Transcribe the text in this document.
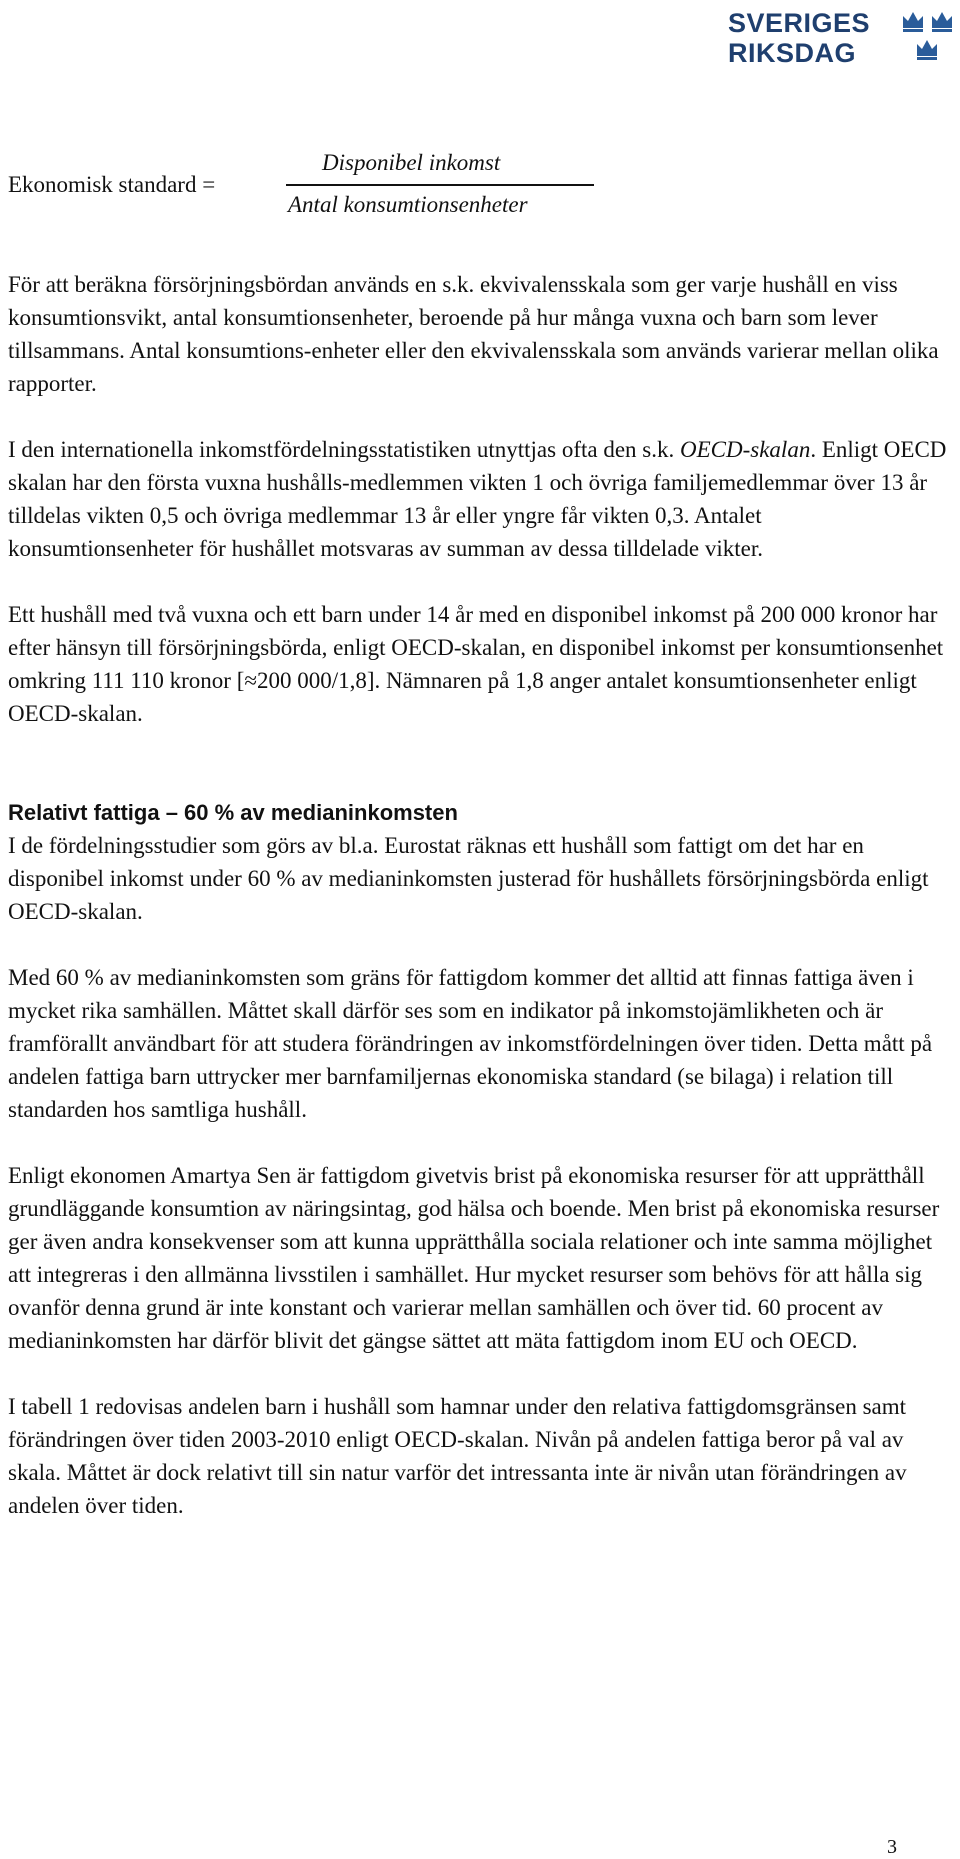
SVERIGES
RIKSDAG
Ekonomisk standard =
Disponibel inkomst
Antal konsumtionsenheter

För att beräkna försörjningsbördan används en s.k. ekvivalensskala som ger varje hushåll en viss konsumtionsvikt, antal konsumtionsenheter, beroende på hur många vuxna och barn som lever tillsammans. Antal konsumtions-enheter eller den ekvivalensskala som används varierar mellan olika rapporter.

I den internationella inkomstfördelningsstatistiken utnyttjas ofta den s.k. OECD-skalan. Enligt OECD skalan har den första vuxna hushålls-medlemmen vikten 1 och övriga familjemedlemmar över 13 år tilldelas vikten 0,5 och övriga medlemmar 13 år eller yngre får vikten 0,3. Antalet konsumtionsenheter för hushållet motsvaras av summan av dessa tilldelade vikter.

Ett hushåll med två vuxna och ett barn under 14 år med en disponibel inkomst på 200 000 kronor har efter hänsyn till försörjningsbörda, enligt OECD-skalan, en disponibel inkomst per konsumtionsenhet omkring 111 110 kronor [≈200 000/1,8]. Nämnaren på 1,8 anger antalet konsumtionsenheter enligt OECD-skalan.

Relativt fattiga – 60 % av medianinkomsten

I de fördelningsstudier som görs av bl.a. Eurostat räknas ett hushåll som fattigt om det har en disponibel inkomst under 60 % av medianinkomsten justerad för hushållets försörjningsbörda enligt OECD-skalan.

Med 60 % av medianinkomsten som gräns för fattigdom kommer det alltid att finnas fattiga även i mycket rika samhällen. Måttet skall därför ses som en indikator på inkomstojämlikheten och är framförallt användbart för att studera förändringen av inkomstfördelningen över tiden. Detta mått på andelen fattiga barn uttrycker mer barnfamiljernas ekonomiska standard (se bilaga) i relation till standarden hos samtliga hushåll.

Enligt ekonomen Amartya Sen är fattigdom givetvis brist på ekonomiska resurser för att upprätthåll grundläggande konsumtion av näringsintag, god hälsa och boende. Men brist på ekonomiska resurser ger även andra konsekvenser som att kunna upprätthålla sociala relationer och inte samma möjlighet att integreras i den allmänna livsstilen i samhället. Hur mycket resurser som behövs för att hålla sig ovanför denna grund är inte konstant och varierar mellan samhällen och över tid. 60 procent av medianinkomsten har därför blivit det gängse sättet att mäta fattigdom inom EU och OECD.

I tabell 1 redovisas andelen barn i hushåll som hamnar under den relativa fattigdomsgränsen samt förändringen över tiden 2003-2010 enligt OECD-skalan. Nivån på andelen fattiga beror på val av skala. Måttet är dock relativt till sin natur varför det intressanta inte är nivån utan förändringen av andelen över tiden.

3
